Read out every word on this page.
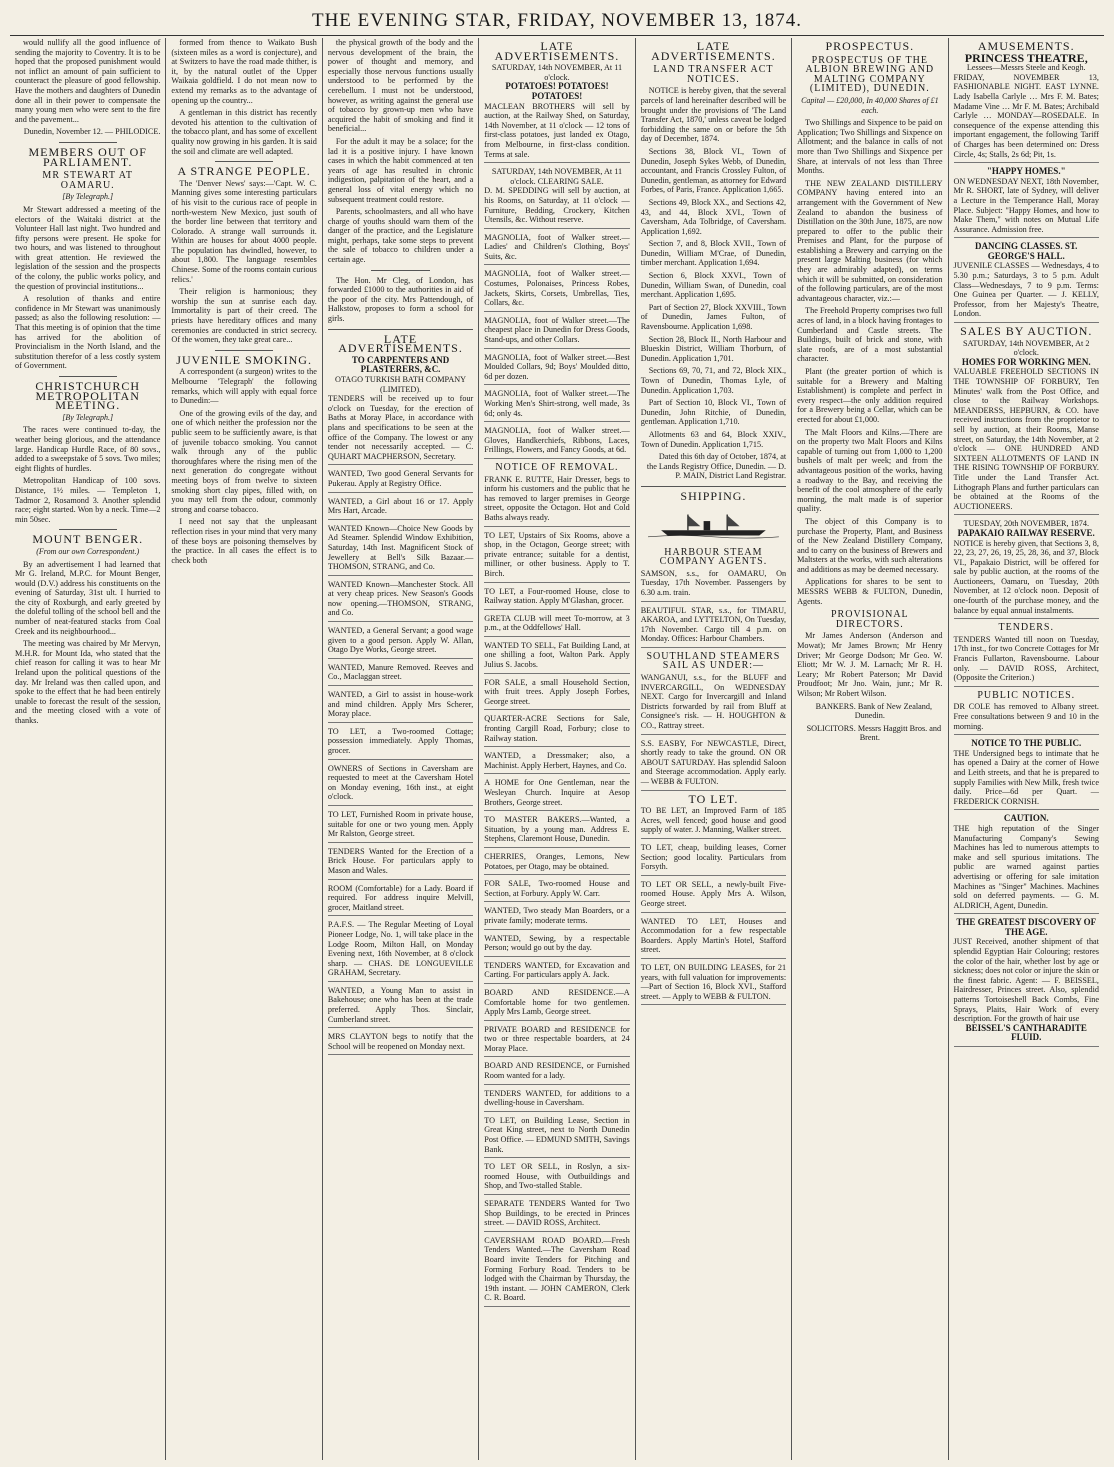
THE EVENING STAR, FRIDAY, NOVEMBER 13, 1874.

would nullify all the good influence of sending the majority to Coventry. It is to be hoped that the proposed punishment would not inflict an amount of pain sufficient to counteract the pleasure of good fellowship. Have the mothers and daughters of Dunedin done all in their power to compensate the many young men who were sent to the fire and the pavement...

Dunedin, November 12. — PHILODICE.

MEMBERS OUT OF PARLIAMENT.
MR STEWART AT OAMARU.
[By Telegraph.]

Mr Stewart addressed a meeting of the electors of the Waitaki district at the Volunteer Hall last night. Two hundred and fifty persons were present. He spoke for two hours, and was listened to throughout with great attention. He reviewed the legislation of the session and the prospects of the colony, the public works policy, and the question of provincial institutions...

A resolution of thanks and entire confidence in Mr Stewart was unanimously passed; as also the following resolution: — That this meeting is of opinion that the time has arrived for the abolition of Provincialism in the North Island, and the substitution therefor of a less costly system of Government.

CHRISTCHURCH METROPOLITAN MEETING.
[By Telegraph.]

The races were continued to-day, the weather being glorious, and the attendance large. Handicap Hurdle Race, of 80 sovs., added to a sweepstake of 5 sovs. Two miles; eight flights of hurdles.

Metropolitan Handicap of 100 sovs. Distance, 1½ miles. — Templeton 1, Tadmor 2, Rosamond 3. Another splendid race; eight started. Won by a neck. Time—2 min 50sec.

MOUNT BENGER.
(From our own Correspondent.)

By an advertisement I had learned that Mr G. Ireland, M.P.C. for Mount Benger, would (D.V.) address his constituents on the evening of Saturday, 31st ult. I hurried to the city of Roxburgh, and early greeted by the doleful tolling of the school bell and the number of neat-featured stacks from Coal Creek and its neighbourhood...

The meeting was chaired by Mr Mervyn, M.H.R. for Mount Ida, who stated that the chief reason for calling it was to hear Mr Ireland upon the political questions of the day. Mr Ireland was then called upon, and spoke to the effect that he had been entirely unable to forecast the result of the session, and the meeting closed with a vote of thanks.

formed from thence to Waikato Bush (sixteen miles as a word is conjecture), and at Switzers to have the road made thither, is it, by the natural outlet of the Upper Waikaia goldfield. I do not mean now to extend my remarks as to the advantage of opening up the country...

A gentleman in this district has recently devoted his attention to the cultivation of the tobacco plant, and has some of excellent quality now growing in his garden. It is said the soil and climate are well adapted.

A STRANGE PEOPLE.

The 'Denver News' says:—'Capt. W. C. Manning gives some interesting particulars of his visit to the curious race of people in north-western New Mexico, just south of the border line between that territory and Colorado. A strange wall surrounds it. Within are houses for about 4000 people. The population has dwindled, however, to about 1,800. The language resembles Chinese. Some of the rooms contain curious relics.'

Their religion is harmonious; they worship the sun at sunrise each day. Immortality is part of their creed. The priests have hereditary offices and many ceremonies are conducted in strict secrecy. Of the women, they take great care...

JUVENILE SMOKING.

A correspondent (a surgeon) writes to the Melbourne 'Telegraph' the following remarks, which will apply with equal force to Dunedin:—

One of the growing evils of the day, and one of which neither the profession nor the public seem to be sufficiently aware, is that of juvenile tobacco smoking. You cannot walk through any of the public thoroughfares where the rising men of the next generation do congregate without meeting boys of from twelve to sixteen smoking short clay pipes, filled with, on you may tell from the odour, commonly strong and coarse tobacco.

I need not say that the unpleasant reflection rises in your mind that very many of these boys are poisoning themselves by the practice. In all cases the effect is to check both

the physical growth of the body and the nervous development of the brain, the power of thought and memory, and especially those nervous functions usually understood to be performed by the cerebellum. I must not be understood, however, as writing against the general use of tobacco by grown-up men who have acquired the habit of smoking and find it beneficial...

For the adult it may be a solace; for the lad it is a positive injury. I have known cases in which the habit commenced at ten years of age has resulted in chronic indigestion, palpitation of the heart, and a general loss of vital energy which no subsequent treatment could restore.

Parents, schoolmasters, and all who have charge of youths should warn them of the danger of the practice, and the Legislature might, perhaps, take some steps to prevent the sale of tobacco to children under a certain age.

The Hon. Mr Cleg, of London, has forwarded £1000 to the authorities in aid of the poor of the city. Mrs Pattendough, of Halkstow, proposes to form a school for girls.

LATE ADVERTISEMENTS.
TO CARPENTERS AND PLASTERERS, &C.
OTAGO TURKISH BATH COMPANY (LIMITED).
TENDERS will be received up to four o'clock on Tuesday, for the erection of Baths at Moray Place, in accordance with plans and specifications to be seen at the office of the Company. The lowest or any tender not necessarily accepted. — C. QUHART MACPHERSON, Secretary.
WANTED, Two good General Servants for Pukerau. Apply at Registry Office.
WANTED, a Girl about 16 or 17. Apply Mrs Hart, Arcade.
WANTED Known—Choice New Goods by Ad Steamer. Splendid Window Exhibition, Saturday, 14th Inst. Magnificent Stock of Jewellery at Bell's Silk Bazaar.—THOMSON, STRANG, and Co.
WANTED Known—Manchester Stock. All at very cheap prices. New Season's Goods now opening.—THOMSON, STRANG, and Co.
WANTED, a General Servant; a good wage given to a good person. Apply W. Allan, Otago Dye Works, George street.
WANTED, Manure Removed. Reeves and Co., Maclaggan street.
WANTED, a Girl to assist in house-work and mind children. Apply Mrs Scherer, Moray place.
TO LET, a Two-roomed Cottage; possession immediately. Apply Thomas, grocer.
OWNERS of Sections in Caversham are requested to meet at the Caversham Hotel on Monday evening, 16th inst., at eight o'clock.
TO LET, Furnished Room in private house, suitable for one or two young men. Apply Mr Ralston, George street.
TENDERS Wanted for the Erection of a Brick House. For particulars apply to Mason and Wales.
ROOM (Comfortable) for a Lady. Board if required. For address inquire Melvill, grocer, Maitland street.
P.A.F.S. — The Regular Meeting of Loyal Pioneer Lodge, No. 1, will take place in the Lodge Room, Milton Hall, on Monday Evening next, 16th November, at 8 o'clock sharp. — CHAS. DE LONGUEVILLE GRAHAM, Secretary.
WANTED, a Young Man to assist in Bakehouse; one who has been at the trade preferred. Apply Thos. Sinclair, Cumberland street.
MRS CLAYTON begs to notify that the School will be reopened on Monday next.
LATE ADVERTISEMENTS.
SATURDAY, 14th NOVEMBER, At 11 o'clock.
POTATOES! POTATOES! POTATOES!
MACLEAN BROTHERS will sell by auction, at the Railway Shed, on Saturday, 14th November, at 11 o'clock — 12 tons of first-class potatoes, just landed ex Otago, from Melbourne, in first-class condition. Terms at sale.
SATURDAY, 14th NOVEMBER, At 11 o'clock. CLEARING SALE.
D. M. SPEDDING will sell by auction, at his Rooms, on Saturday, at 11 o'clock — Furniture, Bedding, Crockery, Kitchen Utensils, &c. Without reserve.
MAGNOLIA, foot of Walker street.—Ladies' and Children's Clothing, Boys' Suits, &c.
MAGNOLIA, foot of Walker street.—Costumes, Polonaises, Princess Robes, Jackets, Skirts, Corsets, Umbrellas, Ties, Collars, &c.
MAGNOLIA, foot of Walker street.—The cheapest place in Dunedin for Dress Goods, Stand-ups, and other Collars.
MAGNOLIA, foot of Walker street.—Best Moulded Collars, 9d; Boys' Moulded ditto, 6d per dozen.
MAGNOLIA, foot of Walker street.—The Working Men's Shirt-strong, well made, 3s 6d; only 4s.
MAGNOLIA, foot of Walker street.—Gloves, Handkerchiefs, Ribbons, Laces, Frillings, Flowers, and Fancy Goods, at 6d.
NOTICE OF REMOVAL.
FRANK E. RUTTE, Hair Dresser, begs to inform his customers and the public that he has removed to larger premises in George street, opposite the Octagon. Hot and Cold Baths always ready.
TO LET, Upstairs of Six Rooms, above a shop, in the Octagon, George street; with private entrance; suitable for a dentist, milliner, or other business. Apply to T. Birch.
TO LET, a Four-roomed House, close to Railway station. Apply M'Glashan, grocer.
GRETA CLUB will meet To-morrow, at 3 p.m., at the Oddfellows' Hall.
WANTED TO SELL, Fat Building Land, at one shilling a foot, Walton Park. Apply Julius S. Jacobs.
FOR SALE, a small Household Section, with fruit trees. Apply Joseph Forbes, George street.
QUARTER-ACRE Sections for Sale, fronting Cargill Road, Forbury; close to Railway station.
WANTED, a Dressmaker; also, a Machinist. Apply Herbert, Haynes, and Co.
A HOME for One Gentleman, near the Wesleyan Church. Inquire at Aesop Brothers, George street.
TO MASTER BAKERS.—Wanted, a Situation, by a young man. Address E. Stephens, Claremont House, Dunedin.
CHERRIES, Oranges, Lemons, New Potatoes, per Otago, may be obtained.
FOR SALE, Two-roomed House and Section, at Forbury. Apply W. Carr.
WANTED, Two steady Man Boarders, or a private family; moderate terms.
WANTED, Sewing, by a respectable Person; would go out by the day.
TENDERS WANTED, for Excavation and Carting. For particulars apply A. Jack.
BOARD AND RESIDENCE.—A Comfortable home for two gentlemen. Apply Mrs Lamb, George street.
PRIVATE BOARD and RESIDENCE for two or three respectable boarders, at 24 Moray Place.
BOARD AND RESIDENCE, or Furnished Room wanted for a lady.
TENDERS WANTED, for additions to a dwelling-house in Caversham.
TO LET, on Building Lease, Section in Great King street, next to North Dunedin Post Office. — EDMUND SMITH, Savings Bank.
TO LET OR SELL, in Roslyn, a six-roomed House, with Outbuildings and Shop, and Two-stalled Stable.
SEPARATE TENDERS Wanted for Two Shop Buildings, to be erected in Princes street. — DAVID ROSS, Architect.
CAVERSHAM ROAD BOARD.—Fresh Tenders Wanted.—The Caversham Road Board invite Tenders for Pitching and Forming Forbury Road. Tenders to be lodged with the Chairman by Thursday, the 19th instant. — JOHN CAMERON, Clerk C. R. Board.
LATE ADVERTISEMENTS.
LAND TRANSFER ACT NOTICES.

NOTICE is hereby given, that the several parcels of land hereinafter described will be brought under the provisions of 'The Land Transfer Act, 1870,' unless caveat be lodged forbidding the same on or before the 5th day of December, 1874.

Sections 38, Block VI., Town of Dunedin, Joseph Sykes Webb, of Dunedin, accountant, and Francis Crossley Fulton, of Dunedin, gentleman, as attorney for Edward Forbes, of Paris, France. Application 1,665.

Sections 49, Block XX., and Sections 42, 43, and 44, Block XVI., Town of Caversham, Ada Tolbridge, of Caversham. Application 1,692.

Section 7, and 8, Block XVII., Town of Dunedin, William M'Crae, of Dunedin, timber merchant. Application 1,694.

Section 6, Block XXVI., Town of Dunedin, William Swan, of Dunedin, coal merchant. Application 1,695.

Part of Section 27, Block XXVIII., Town of Dunedin, James Fulton, of Ravensbourne. Application 1,698.

Section 28, Block II., North Harbour and Blueskin District, William Thorburn, of Dunedin. Application 1,701.

Sections 69, 70, 71, and 72, Block XIX., Town of Dunedin, Thomas Lyle, of Dunedin. Application 1,703.

Part of Section 10, Block VI., Town of Dunedin, John Ritchie, of Dunedin, gentleman. Application 1,710.

Allotments 63 and 64, Block XXIV., Town of Dunedin. Application 1,715.

Dated this 6th day of October, 1874, at the Lands Registry Office, Dunedin. — D. P. MAIN, District Land Registrar.

SHIPPING.
HARBOUR STEAM COMPANY AGENTS.
SAMSON, s.s., for OAMARU, On Tuesday, 17th November. Passengers by 6.30 a.m. train.
BEAUTIFUL STAR, s.s., for TIMARU, AKAROA, and LYTTELTON, On Tuesday, 17th November. Cargo till 4 p.m. on Monday. Offices: Harbour Chambers.
SOUTHLAND STEAMERS SAIL AS UNDER:—
WANGANUI, s.s., for the BLUFF and INVERCARGILL, On WEDNESDAY NEXT. Cargo for Invercargill and Inland Districts forwarded by rail from Bluff at Consignee's risk. — H. HOUGHTON & CO., Rattray street.
S.S. EASBY, For NEWCASTLE, Direct, shortly ready to take the ground. ON OR ABOUT SATURDAY. Has splendid Saloon and Steerage accommodation. Apply early. — WEBB & FULTON.
TO LET.
TO BE LET, an Improved Farm of 185 Acres, well fenced; good house and good supply of water. J. Manning, Walker street.
TO LET, cheap, building leases, Corner Section; good locality. Particulars from Forsyth.
TO LET OR SELL, a newly-built Five-roomed House. Apply Mrs A. Wilson, George street.
WANTED TO LET, Houses and Accommodation for a few respectable Boarders. Apply Martin's Hotel, Stafford street.
TO LET, ON BUILDING LEASES, for 21 years, with full valuation for improvements:—Part of Section 16, Block XVI., Stafford street. — Apply to WEBB & FULTON.
PROSPECTUS.
PROSPECTUS OF THE ALBION BREWING AND MALTING COMPANY (LIMITED), DUNEDIN.
Capital — £20,000, In 40,000 Shares of £1 each.

Two Shillings and Sixpence to be paid on Application; Two Shillings and Sixpence on Allotment; and the balance in calls of not more than Two Shillings and Sixpence per Share, at intervals of not less than Three Months.

THE NEW ZEALAND DISTILLERY COMPANY having entered into an arrangement with the Government of New Zealand to abandon the business of Distillation on the 30th June, 1875, are now prepared to offer to the public their Premises and Plant, for the purpose of establishing a Brewery and carrying on the present large Malting business (for which they are admirably adapted), on terms which it will be submitted, on consideration of the following particulars, are of the most advantageous character, viz.:—

The Freehold Property comprises two full acres of land, in a block having frontages to Cumberland and Castle streets. The Buildings, built of brick and stone, with slate roofs, are of a most substantial character.

Plant (the greater portion of which is suitable for a Brewery and Malting Establishment) is complete and perfect in every respect—the only addition required for a Brewery being a Cellar, which can be erected for about £1,000.

The Malt Floors and Kilns.—There are on the property two Malt Floors and Kilns capable of turning out from 1,000 to 1,200 bushels of malt per week; and from the advantageous position of the works, having a roadway to the Bay, and receiving the benefit of the cool atmosphere of the early morning, the malt made is of superior quality.

The object of this Company is to purchase the Property, Plant, and Business of the New Zealand Distillery Company, and to carry on the business of Brewers and Maltsters at the works, with such alterations and additions as may be deemed necessary.

Applications for shares to be sent to MESSRS WEBB & FULTON, Dunedin, Agents.

PROVISIONAL DIRECTORS.

Mr James Anderson (Anderson and Mowat); Mr James Brown; Mr Henry Driver; Mr George Dodson; Mr Geo. W. Eliott; Mr W. J. M. Larnach; Mr R. H. Leary; Mr Robert Paterson; Mr David Proudfoot; Mr Jno. Wain, junr.; Mr R. Wilson; Mr Robert Wilson.

BANKERS. Bank of New Zealand, Dunedin.

SOLICITORS. Messrs Haggitt Bros. and Brent.

AMUSEMENTS.
PRINCESS THEATRE,
Lessees—Messrs Steele and Keogh.
FRIDAY, NOVEMBER 13, FASHIONABLE NIGHT. EAST LYNNE. Lady Isabella Carlyle … Mrs F. M. Bates; Madame Vine … Mr F. M. Bates; Archibald Carlyle … MONDAY—ROSEDALE. In consequence of the expense attending this important engagement, the following Tariff of Charges has been determined on: Dress Circle, 4s; Stalls, 2s 6d; Pit, 1s.
"HAPPY HOMES."
ON WEDNESDAY NEXT, 18th November, Mr R. SHORT, late of Sydney, will deliver a Lecture in the Temperance Hall, Moray Place. Subject: "Happy Homes, and how to Make Them," with notes on Mutual Life Assurance. Admission free.
DANCING CLASSES. ST. GEORGE'S HALL.
JUVENILE CLASSES — Wednesdays, 4 to 5.30 p.m.; Saturdays, 3 to 5 p.m. Adult Class—Wednesdays, 7 to 9 p.m. Terms: One Guinea per Quarter. — J. KELLY, Professor, from her Majesty's Theatre, London.
SALES BY AUCTION.
SATURDAY, 14th NOVEMBER, At 2 o'clock.
HOMES FOR WORKING MEN.
VALUABLE FREEHOLD SECTIONS IN THE TOWNSHIP OF FORBURY, Ten Minutes' walk from the Post Office, and close to the Railway Workshops. MEANDERSS, HEPBURN, & CO. have received instructions from the proprietor to sell by auction, at their Rooms, Manse street, on Saturday, the 14th November, at 2 o'clock — ONE HUNDRED AND SIXTEEN ALLOTMENTS OF LAND IN THE RISING TOWNSHIP OF FORBURY. Title under the Land Transfer Act. Lithograph Plans and further particulars can be obtained at the Rooms of the AUCTIONEERS.
TUESDAY, 20th NOVEMBER, 1874.
PAPAKAIO RAILWAY RESERVE.
NOTICE is hereby given, that Sections 3, 8, 22, 23, 27, 26, 19, 25, 28, 36, and 37, Block VI., Papakaio District, will be offered for sale by public auction, at the rooms of the Auctioneers, Oamaru, on Tuesday, 20th November, at 12 o'clock noon. Deposit of one-fourth of the purchase money, and the balance by equal annual instalments.
TENDERS.
TENDERS Wanted till noon on Tuesday, 17th inst., for two Concrete Cottages for Mr Francis Fullarton, Ravensbourne. Labour only. — DAVID ROSS, Architect, (Opposite the Criterion.)
PUBLIC NOTICES.
DR COLE has removed to Albany street. Free consultations between 9 and 10 in the morning.
NOTICE TO THE PUBLIC.
THE Undersigned begs to intimate that he has opened a Dairy at the corner of Howe and Leith streets, and that he is prepared to supply Families with New Milk, fresh twice daily. Price—6d per Quart. — FREDERICK CORNISH.
CAUTION.
THE high reputation of the Singer Manufacturing Company's Sewing Machines has led to numerous attempts to make and sell spurious imitations. The public are warned against parties advertising or offering for sale imitation Machines as "Singer" Machines. Machines sold on deferred payments. — G. M. ALDRICH, Agent, Dunedin.
THE GREATEST DISCOVERY OF THE AGE.
JUST Received, another shipment of that splendid Egyptian Hair Colouring; restores the color of the hair, whether lost by age or sickness; does not color or injure the skin or the finest fabric. Agent: — F. BEISSEL, Hairdresser, Princes street. Also, splendid patterns Tortoiseshell Back Combs, Fine Sprays, Plaits, Hair Work of every description. For the growth of hair use
BEISSEL'S CANTHARADITE FLUID.
